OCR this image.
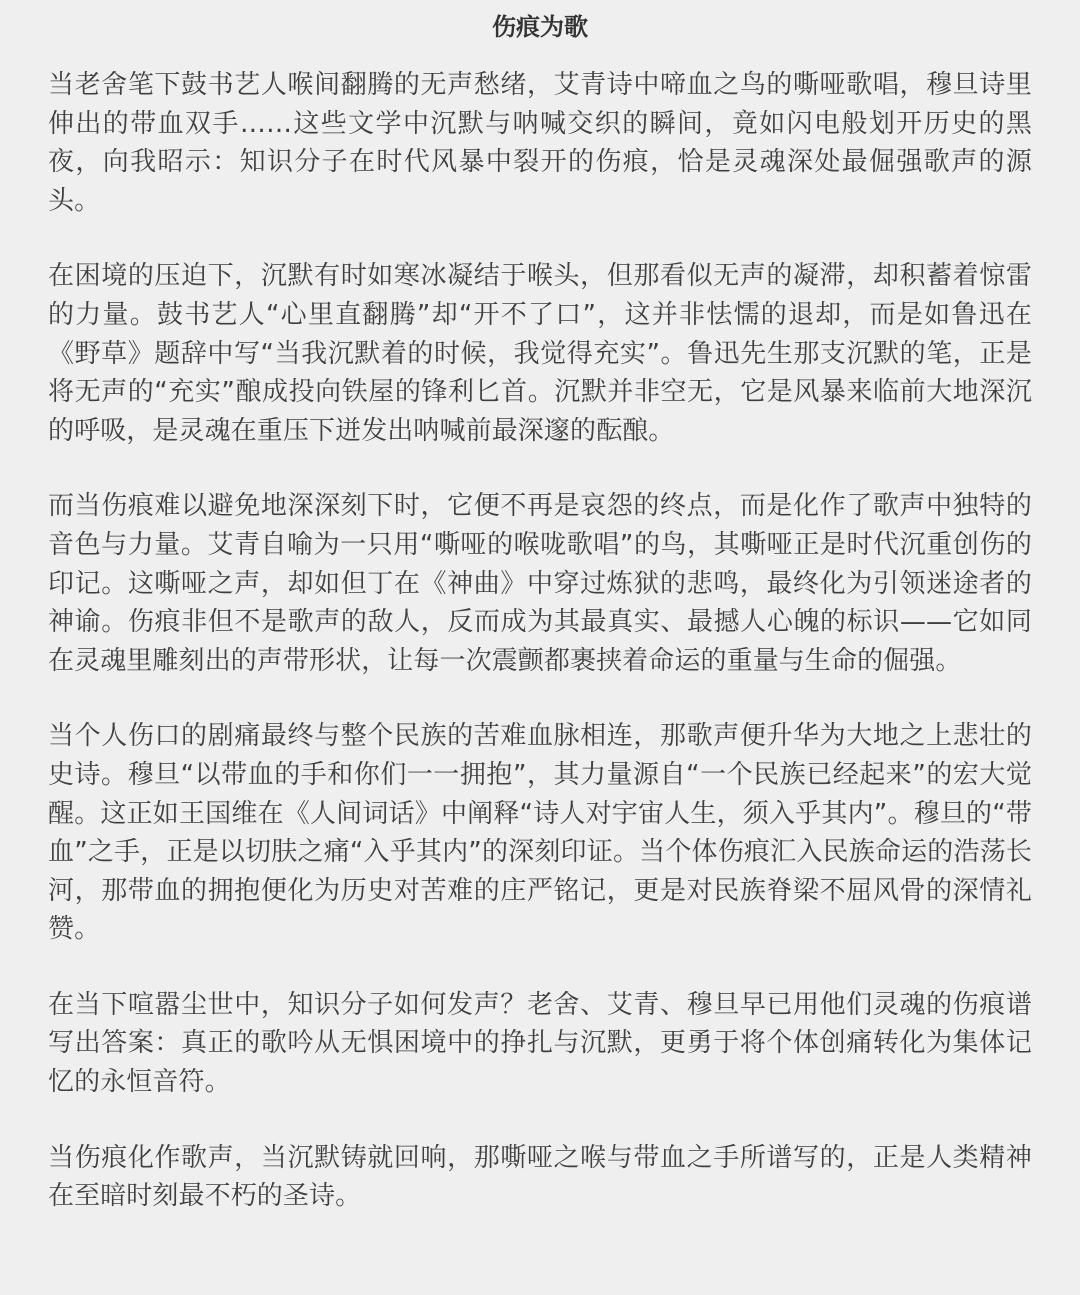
伤痕为歌

当老舍笔下鼓书艺人喉间翻腾的无声愁绪，艾青诗中啼血之鸟的嘶哑歌唱，穆旦诗里伸出的带血双手……这些文学中沉默与呐喊交织的瞬间，竟如闪电般划开历史的黑夜，向我昭示：知识分子在时代风暴中裂开的伤痕，恰是灵魂深处最倔强歌声的源头。

在困境的压迫下，沉默有时如寒冰凝结于喉头，但那看似无声的凝滞，却积蓄着惊雷的力量。鼓书艺人“心里直翻腾”却“开不了口”，这并非怯懦的退却，而是如鲁迅在《野草》题辞中写“当我沉默着的时候，我觉得充实”。鲁迅先生那支沉默的笔，正是将无声的“充实”酿成投向铁屋的锋利匕首。沉默并非空无，它是风暴来临前大地深沉的呼吸，是灵魂在重压下迸发出呐喊前最深邃的酝酿。

而当伤痕难以避免地深深刻下时，它便不再是哀怨的终点，而是化作了歌声中独特的音色与力量。艾青自喻为一只用“嘶哑的喉咙歌唱”的鸟，其嘶哑正是时代沉重创伤的印记。这嘶哑之声，却如但丁在《神曲》中穿过炼狱的悲鸣，最终化为引领迷途者的神谕。伤痕非但不是歌声的敌人，反而成为其最真实、最撼人心魄的标识——它如同在灵魂里雕刻出的声带形状，让每一次震颤都裹挟着命运的重量与生命的倔强。

当个人伤口的剧痛最终与整个民族的苦难血脉相连，那歌声便升华为大地之上悲壮的史诗。穆旦“以带血的手和你们一一拥抱”，其力量源自“一个民族已经起来”的宏大觉醒。这正如王国维在《人间词话》中阐释“诗人对宇宙人生，须入乎其内”。穆旦的“带血”之手，正是以切肤之痛“入乎其内”的深刻印证。当个体伤痕汇入民族命运的浩荡长河，那带血的拥抱便化为历史对苦难的庄严铭记，更是对民族脊梁不屈风骨的深情礼赞。

在当下喧嚣尘世中，知识分子如何发声？老舍、艾青、穆旦早已用他们灵魂的伤痕谱写出答案：真正的歌吟从无惧困境中的挣扎与沉默，更勇于将个体创痛转化为集体记忆的永恒音符。

当伤痕化作歌声，当沉默铸就回响，那嘶哑之喉与带血之手所谱写的，正是人类精神在至暗时刻最不朽的圣诗。
